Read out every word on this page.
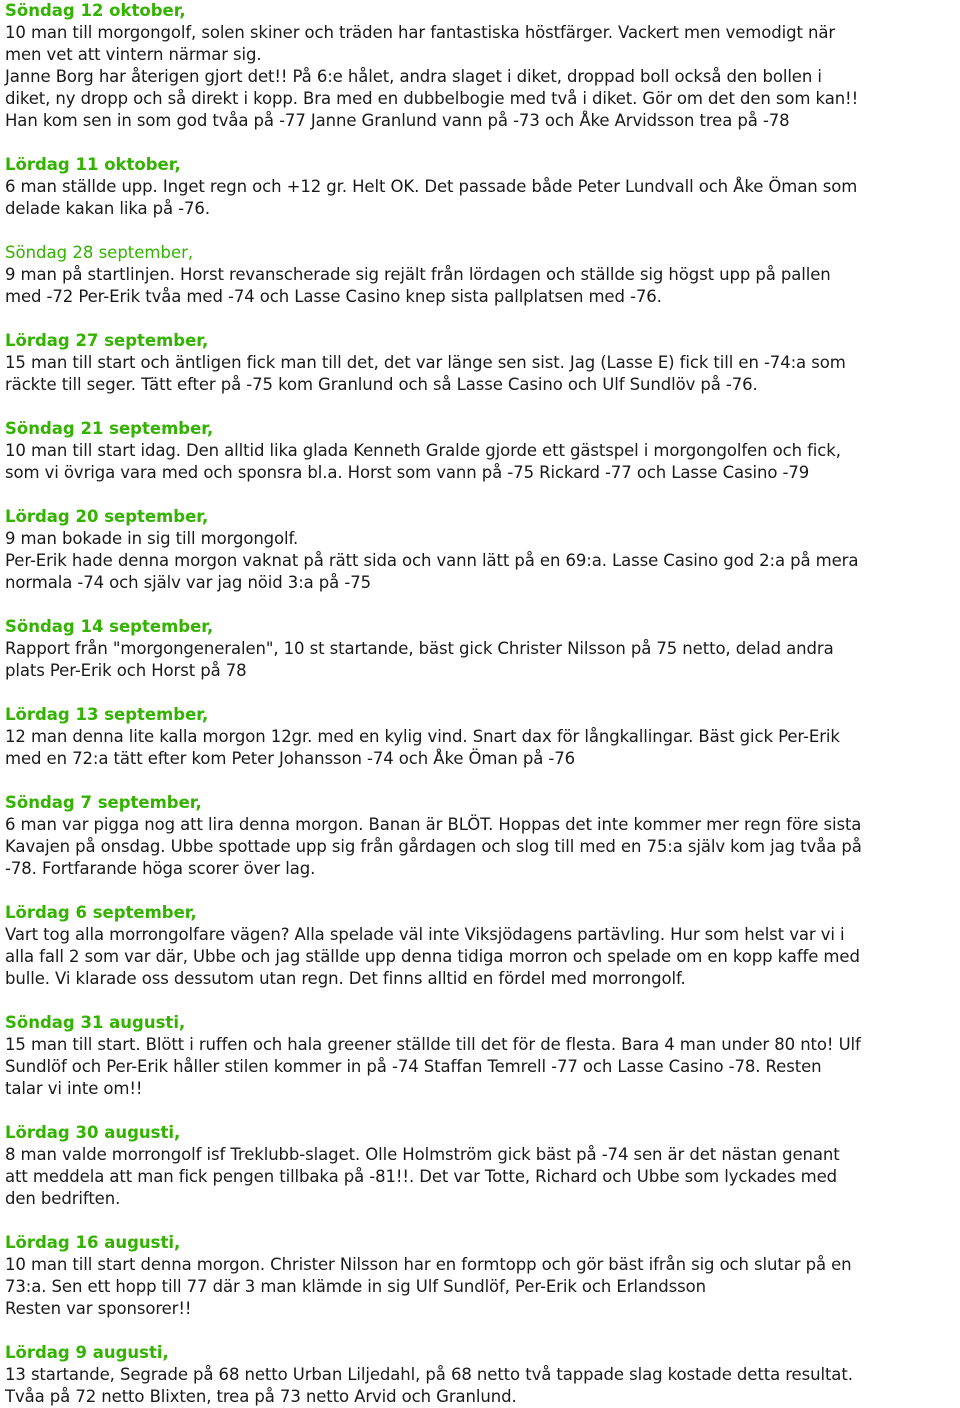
Söndag 12 oktober,
10 man till morgongolf, solen skiner och träden har fantastiska höstfärger. Vackert men vemodigt när
men vet att vintern närmar sig.
Janne Borg har återigen gjort det!! På 6:e hålet, andra slaget i diket, droppad boll också den bollen i
diket, ny dropp och så direkt i kopp. Bra med en dubbelbogie med två i diket. Gör om det den som kan!!
Han kom sen in som god tvåa på -77 Janne Granlund vann på -73 och Åke Arvidsson trea på -78
Lördag 11 oktober,
6 man ställde upp. Inget regn och +12 gr. Helt OK. Det passade både Peter Lundvall och Åke Öman som
delade kakan lika på -76.
Söndag 28 september,
9 man på startlinjen. Horst revanscherade sig rejält från lördagen och ställde sig högst upp på pallen
med -72 Per-Erik tvåa med -74 och Lasse Casino knep sista pallplatsen med -76.
Lördag 27 september,
15 man till start och äntligen fick man till det, det var länge sen sist. Jag (Lasse E) fick till en -74:a som
räckte till seger. Tätt efter på -75 kom Granlund och så Lasse Casino och Ulf Sundlöv på -76.
Söndag 21 september,
10 man till start idag. Den alltid lika glada Kenneth Gralde gjorde ett gästspel i morgongolfen och fick,
som vi övriga vara med och sponsra bl.a. Horst som vann på -75 Rickard -77 och Lasse Casino -79
Lördag 20 september,
9 man bokade in sig till morgongolf.
Per-Erik hade denna morgon vaknat på rätt sida och vann lätt på en 69:a. Lasse Casino god 2:a på mera
normala -74 och själv var jag nöid 3:a på -75
Söndag 14 september,
Rapport från "morgongeneralen", 10 st startande, bäst gick Christer Nilsson på 75 netto, delad andra
plats Per-Erik och Horst på 78
Lördag 13 september,
12 man denna lite kalla morgon 12gr. med en kylig vind. Snart dax för långkallingar. Bäst gick Per-Erik
med en 72:a tätt efter kom Peter Johansson -74 och Åke Öman på -76
Söndag 7 september,
6 man var pigga nog att lira denna morgon. Banan är BLÖT. Hoppas det inte kommer mer regn före sista
Kavajen på onsdag. Ubbe spottade upp sig från gårdagen och slog till med en 75:a själv kom jag tvåa på
-78. Fortfarande höga scorer över lag.
Lördag 6 september,
Vart tog alla morrongolfare vägen? Alla spelade väl inte Viksjödagens partävling. Hur som helst var vi i
alla fall 2 som var där, Ubbe och jag ställde upp denna tidiga morron och spelade om en kopp kaffe med
bulle. Vi klarade oss dessutom utan regn. Det finns alltid en fördel med morrongolf.
Söndag 31 augusti,
15 man till start. Blött i ruffen och hala greener ställde till det för de flesta. Bara 4 man under 80 nto! Ulf
Sundlöf och Per-Erik håller stilen kommer in på -74 Staffan Temrell -77 och Lasse Casino -78. Resten
talar vi inte om!!
Lördag 30 augusti,
8 man valde morrongolf isf Treklubb-slaget. Olle Holmström gick bäst på -74 sen är det nästan genant
att meddela att man fick pengen tillbaka på -81!!. Det var Totte, Richard och Ubbe som lyckades med
den bedriften.
Lördag 16 augusti,
10 man till start denna morgon. Christer Nilsson har en formtopp och gör bäst ifrån sig och slutar på en
73:a. Sen ett hopp till 77 där 3 man klämde in sig Ulf Sundlöf, Per-Erik och Erlandsson
Resten var sponsorer!!
Lördag 9 augusti,
13 startande, Segrade på 68 netto Urban Liljedahl, på 68 netto två tappade slag kostade detta resultat.
Tvåa på 72 netto Blixten, trea på 73 netto Arvid och Granlund.
